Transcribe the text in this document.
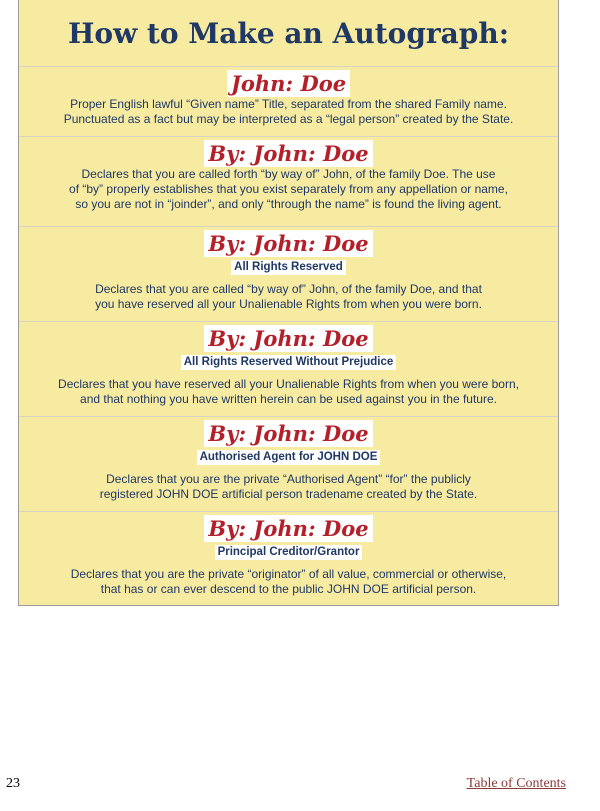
How to Make an Autograph:
John: Doe

Proper English lawful “Given name” Title, separated from the shared Family name.

Punctuated as a fact but may be interpreted as a “legal person” created by the State.

By: John: Doe

Declares that you are called forth “by way of” John, of the family Doe. The use

of “by” properly establishes that you exist separately from any appellation or name,

so you are not in “joinder”, and only “through the name” is found the living agent.

By: John: Doe
All Rights Reserved

Declares that you are called “by way of” John, of the family Doe, and that

you have reserved all your Unalienable Rights from when you were born.

By: John: Doe
All Rights Reserved Without Prejudice

Declares that you have reserved all your Unalienable Rights from when you were born,

and that nothing you have written herein can be used against you in the future.

By: John: Doe
Authorised Agent for JOHN DOE

Declares that you are the private “Authorised Agent” “for” the publicly

registered JOHN DOE artificial person tradename created by the State.

By: John: Doe
Principal Creditor/Grantor

Declares that you are the private “originator” of all value, commercial or otherwise,

that has or can ever descend to the public JOHN DOE artificial person.

23	Table of Contents
